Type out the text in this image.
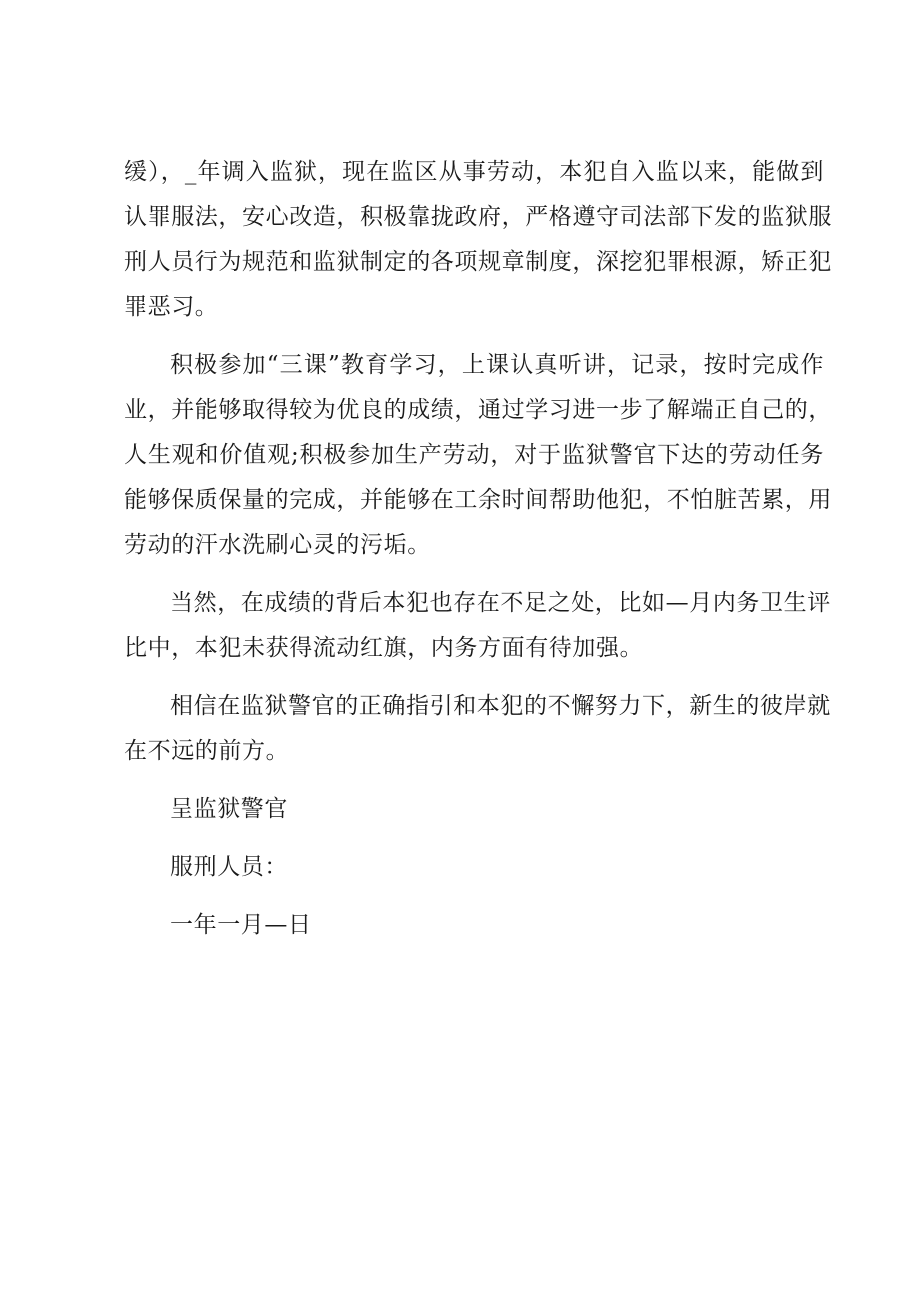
缓），_年调入监狱，现在监区从事劳动，本犯自入监以来，能做到
认罪服法，安心改造，积极靠拢政府，严格遵守司法部下发的监狱服
刑人员行为规范和监狱制定的各项规章制度，深挖犯罪根源，矫正犯
罪恶习。

积极参加“三课”教育学习，上课认真听讲，记录，按时完成作
业，并能够取得较为优良的成绩，通过学习进一步了解端正自己的，
人生观和价值观;积极参加生产劳动，对于监狱警官下达的劳动任务
能够保质保量的完成，并能够在工余时间帮助他犯，不怕脏苦累，用
劳动的汗水洗刷心灵的污垢。

当然，在成绩的背后本犯也存在不足之处，比如—月内务卫生评
比中，本犯未获得流动红旗，内务方面有待加强。

相信在监狱警官的正确指引和本犯的不懈努力下，新生的彼岸就
在不远的前方。

呈监狱警官
服刑人员：
一年一月—日
